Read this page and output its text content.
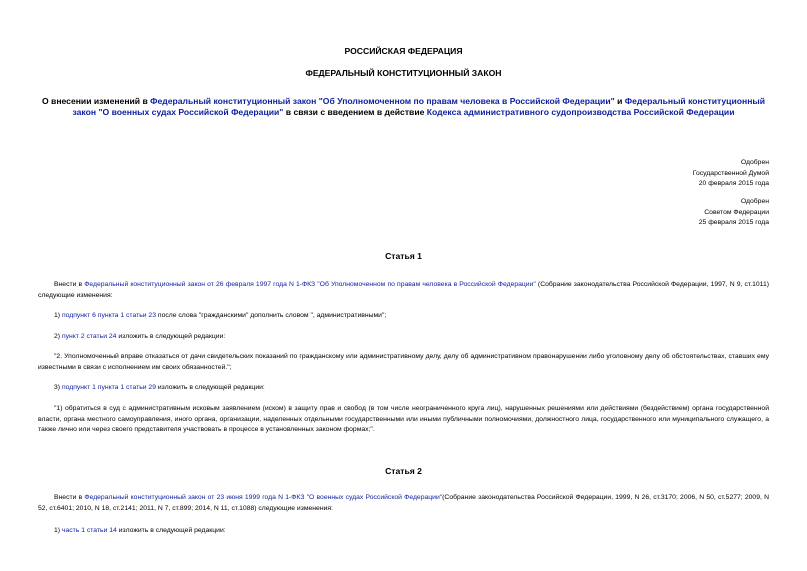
РОССИЙСКАЯ ФЕДЕРАЦИЯ
ФЕДЕРАЛЬНЫЙ КОНСТИТУЦИОННЫЙ ЗАКОН
О внесении изменений в Федеральный конституционный закон "Об Уполномоченном по правам человека в Российской Федерации" и Федеральный конституционный закон "О военных судах Российской Федерации" в связи с введением в действие Кодекса административного судопроизводства Российской Федерации
Одобрен
Государственной Думой
20 февраля 2015 года
Одобрен
Советом Федерации
25 февраля 2015 года
Статья 1
Внести в Федеральный конституционный закон от 26 февраля 1997 года N 1-ФКЗ "Об Уполномоченном по правам человека в Российской Федерации" (Собрание законодательства Российской Федерации, 1997, N 9, ст.1011) следующие изменения:
1) подпункт 6 пункта 1 статьи 23 после слова "гражданскими" дополнить словом ", административными";
2) пункт 2 статьи 24 изложить в следующей редакции:
"2. Уполномоченный вправе отказаться от дачи свидетельских показаний по гражданскому или административному делу, делу об административном правонарушении либо уголовному делу об обстоятельствах, ставших ему известными в связи с исполнением им своих обязанностей.";
3) подпункт 1 пункта 1 статьи 29 изложить в следующей редакции:
"1) обратиться в суд с административным исковым заявлением (иском) в защиту прав и свобод (в том числе неограниченного круга лиц), нарушенных решениями или действиями (бездействием) органа государственной власти, органа местного самоуправления, иного органа, организации, наделенных отдельными государственными или иными публичными полномочиями, должностного лица, государственного или муниципального служащего, а также лично или через своего представителя участвовать в процессе в установленных законом формах;".
Статья 2
Внести в Федеральный конституционный закон от 23 июня 1999 года N 1-ФКЗ "О военных судах Российской Федерации"(Собрание законодательства Российской Федерации, 1999, N 26, ст.3170; 2006, N 50, ст.5277; 2009, N 52, ст.6401; 2010, N 18, ст.2141; 2011, N 7, ст.899; 2014, N 11, ст.1088) следующие изменения:
1) часть 1 статьи 14 изложить в следующей редакции:
